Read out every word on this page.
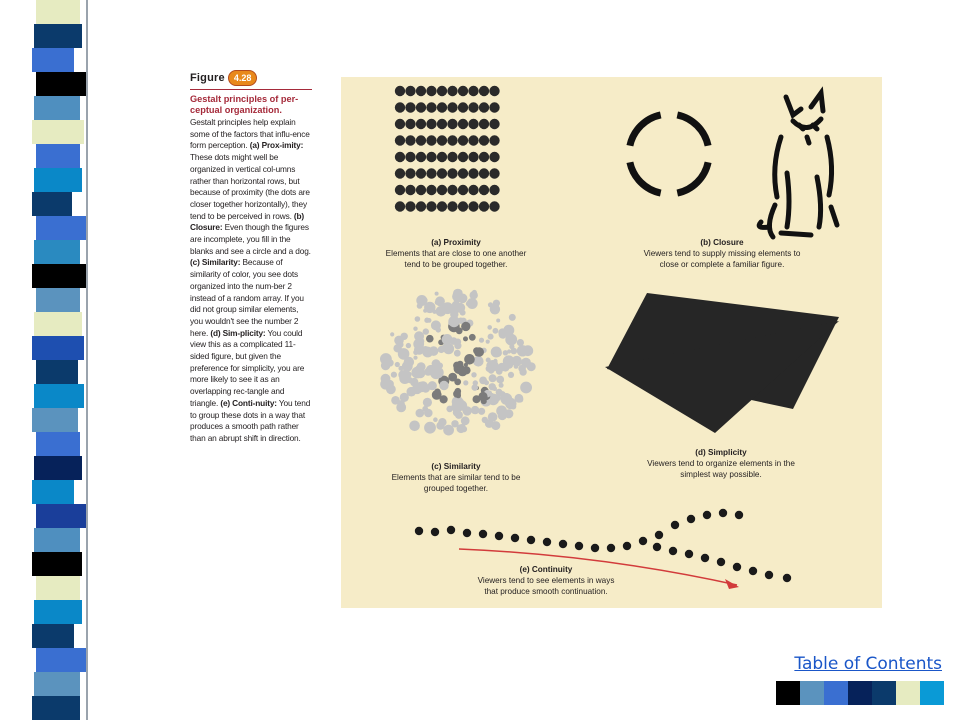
Figure	4.28
Gestalt principles of per-ceptual organization.
Gestalt principles help explain some of the factors that influ-ence form perception. (a) Prox-imity: These dots might well be organized in vertical col-umns rather than horizontal rows, but because of proximity (the dots are closer together horizontally), they tend to be perceived in rows. (b) Closure: Even though the figures are incomplete, you fill in the blanks and see a circle and a dog. (c) Similarity: Because of similarity of color, you see dots organized into the num-ber 2 instead of a random array. If you did not group similar elements, you wouldn't see the number 2 here. (d) Sim-plicity: You could view this as a complicated 11-sided figure, but given the preference for simplicity, you are more likely to see it as an overlapping rec-tangle and triangle. (e) Conti-nuity: You tend to group these dots in a way that produces a smooth path rather than an abrupt shift in direction.
(a) Proximity
Elements that are close to one another tend to be grouped together.
(b) Closure
Viewers tend to supply missing elements to close or complete a familiar figure.
(c) Similarity
Elements that are similar tend to be grouped together.
(d) Simplicity
Viewers tend to organize elements in the simplest way possible.
(e) Continuity
Viewers tend to see elements in ways that produce smooth continuation.
Table of Contents
